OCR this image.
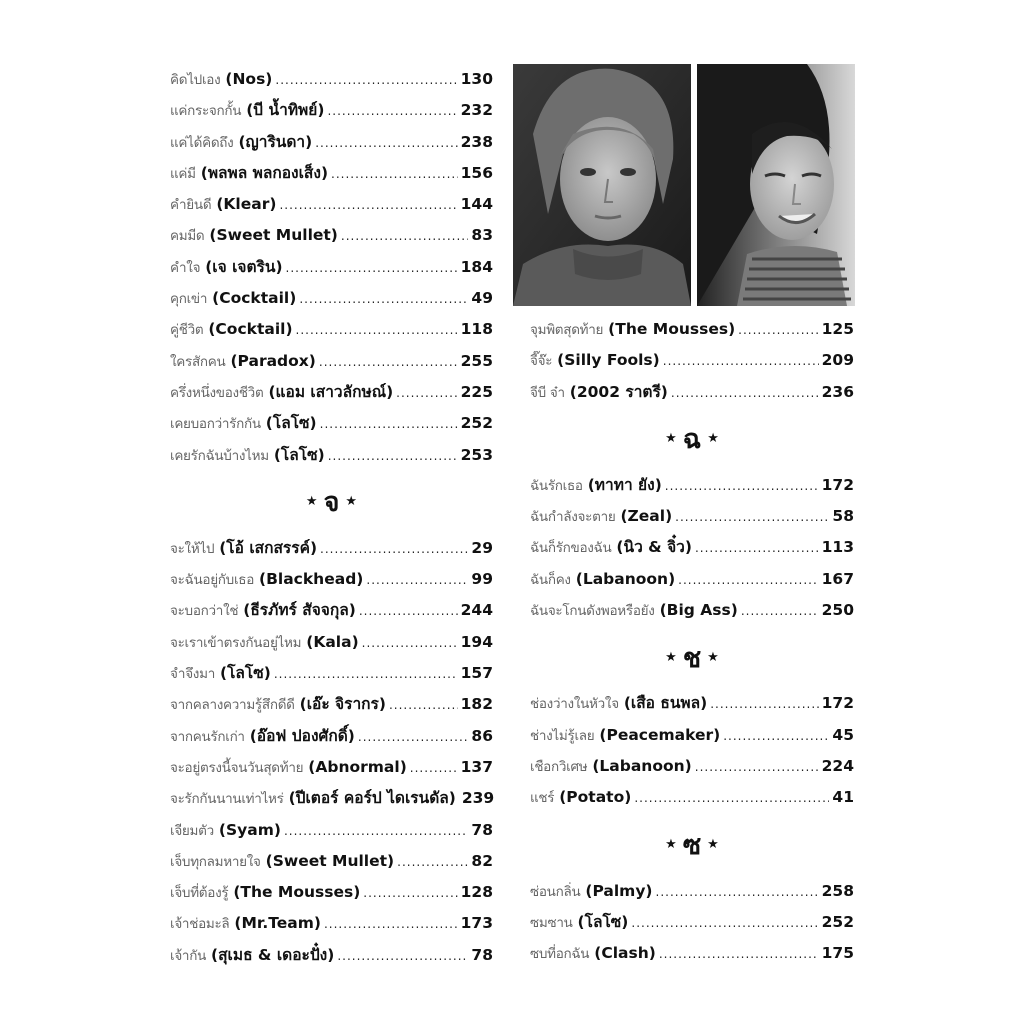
คิดไปเอง (Nos) .....	130
แค่กระจกกั้น (บี น้ำทิพย์) .....	232
แค่ได้คิดถึง (ญารินดา) .....	238
แค่มี (พลพล พลกองเส็ง) .....	156
คำยินดี (Klear) .....	144
คมมีด (Sweet Mullet) .....	83
คำใจ (เจ เจตริน) .....	184
คุกเข่า (Cocktail) .....	49
คู่ชีวิต (Cocktail) .....	118
ใครสักคน (Paradox) .....	255
ครึ่งหนึ่งของชีวิต (แอม เสาวลักษณ์) .....	225
เคยบอกว่ารักกัน (โลโซ) .....	252
เคยรักฉันบ้างไหม (โลโซ) .....	253
★ จ ★
จะให้ไป (โอ้ เสกสรรค์) .....	29
จะฉันอยู่กับเธอ (Blackhead) .....	99
จะบอกว่าใช่ (ธีรภัทร์ สัจจกุล) .....	244
จะเราเข้าตรงกันอยู่ไหม (Kala) .....	194
จำจึงมา (โลโซ) .....	157
จากคลางความรู้สึกดีดี (เอ๊ะ จิรากร) .....	182
จากคนรักเก่า (อ๊อฟ ปองศักดิ์) .....	86
จะอยู่ตรงนี้จนวันสุดท้าย (Abnormal) .....	137
จะรักกันนานเท่าไหร่ (ปีเตอร์ คอร์ป ไดเรนดัล) 239
เจียมตัว (Syam) .....	78
เจ็บทุกลมหายใจ (Sweet Mullet) .....	82
เจ็บที่ต้องรู้ (The Mousses) .....	128
เจ้าช่อมะลิ (Mr.Team) .....	173
เจ้ากัน (สุเมธ & เดอะปั๋ง) .....	78
จุมพิตสุดท้าย (The Mousses) .....	125
จี๊จ๊ะ (Silly Fools) .....	209
จีบี จ๋า (2002 ราตรี) .....	236
★ ฉ ★
ฉันรักเธอ (ทาทา ยัง) .....	172
ฉันกำลังจะตาย (Zeal) .....	58
ฉันก็รักของฉัน (นิว & จิ๋ว) .....	113
ฉันก็คง (Labanoon) .....	167
ฉันจะโกนดังพอหรือยัง (Big Ass) .....	250
★ ช ★
ช่องว่างในหัวใจ (เสือ ธนพล) .....	172
ช่างไม่รู้เลย (Peacemaker) .....	45
เชือกวิเศษ (Labanoon) .....	224
แชร์ (Potato) .....	41
★ ซ ★
ซ่อนกลิ่น (Palmy) .....	258
ซมซาน (โลโซ) .....	252
ซบที่อกฉัน (Clash) .....	175
